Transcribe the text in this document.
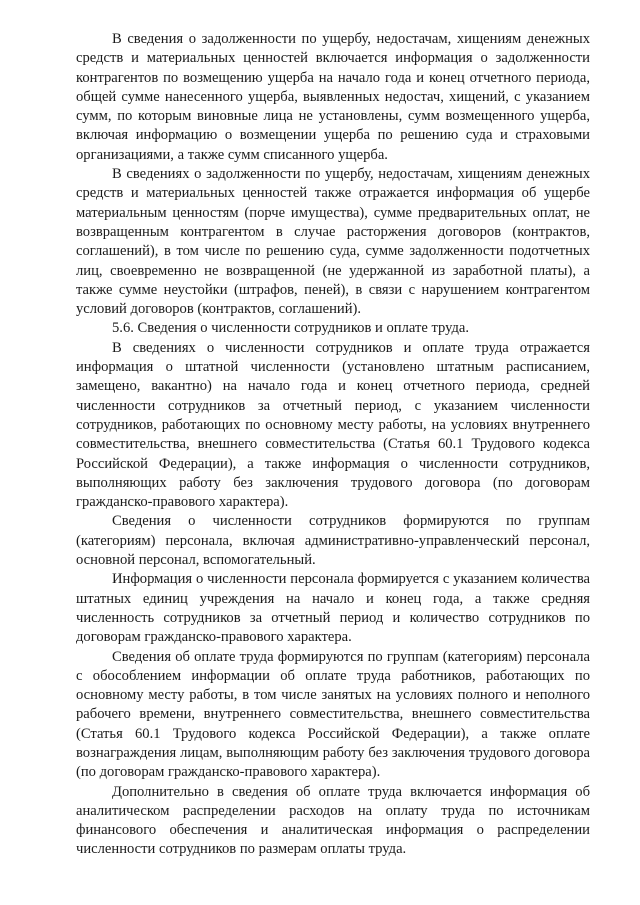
В сведения о задолженности по ущербу, недостачам, хищениям денежных средств и материальных ценностей включается информация о задолженности контрагентов по возмещению ущерба на начало года и конец отчетного периода, общей сумме нанесенного ущерба, выявленных недостач, хищений, с указанием сумм, по которым виновные лица не установлены, сумм возмещенного ущерба, включая информацию о возмещении ущерба по решению суда и страховыми организациями, а также сумм списанного ущерба.

В сведениях о задолженности по ущербу, недостачам, хищениям денежных средств и материальных ценностей также отражается информация об ущербе материальным ценностям (порче имущества), сумме предварительных оплат, не возвращенным контрагентом в случае расторжения договоров (контрактов, соглашений), в том числе по решению суда, сумме задолженности подотчетных лиц, своевременно не возвращенной (не удержанной из заработной платы), а также сумме неустойки (штрафов, пеней), в связи с нарушением контрагентом условий договоров (контрактов, соглашений).

5.6. Сведения о численности сотрудников и оплате труда.

В сведениях о численности сотрудников и оплате труда отражается информация о штатной численности (установлено штатным расписанием, замещено, вакантно) на начало года и конец отчетного периода, средней численности сотрудников за отчетный период, с указанием численности сотрудников, работающих по основному месту работы, на условиях внутреннего совместительства, внешнего совместительства (Статья 60.1 Трудового кодекса Российской Федерации), а также информация о численности сотрудников, выполняющих работу без заключения трудового договора (по договорам гражданско-правового характера).

Сведения о численности сотрудников формируются по группам (категориям) персонала, включая административно-управленческий персонал, основной персонал, вспомогательный.

Информация о численности персонала формируется с указанием количества штатных единиц учреждения на начало и конец года, а также средняя численность сотрудников за отчетный период и количество сотрудников по договорам гражданско-правового характера.

Сведения об оплате труда формируются по группам (категориям) персонала с обособлением информации об оплате труда работников, работающих по основному месту работы, в том числе занятых на условиях полного и неполного рабочего времени, внутреннего совместительства, внешнего совместительства (Статья 60.1 Трудового кодекса Российской Федерации), а также оплате вознаграждения лицам, выполняющим работу без заключения трудового договора (по договорам гражданско-правового характера).

Дополнительно в сведения об оплате труда включается информация об аналитическом распределении расходов на оплату труда по источникам финансового обеспечения и аналитическая информация о распределении численности сотрудников по размерам оплаты труда.
